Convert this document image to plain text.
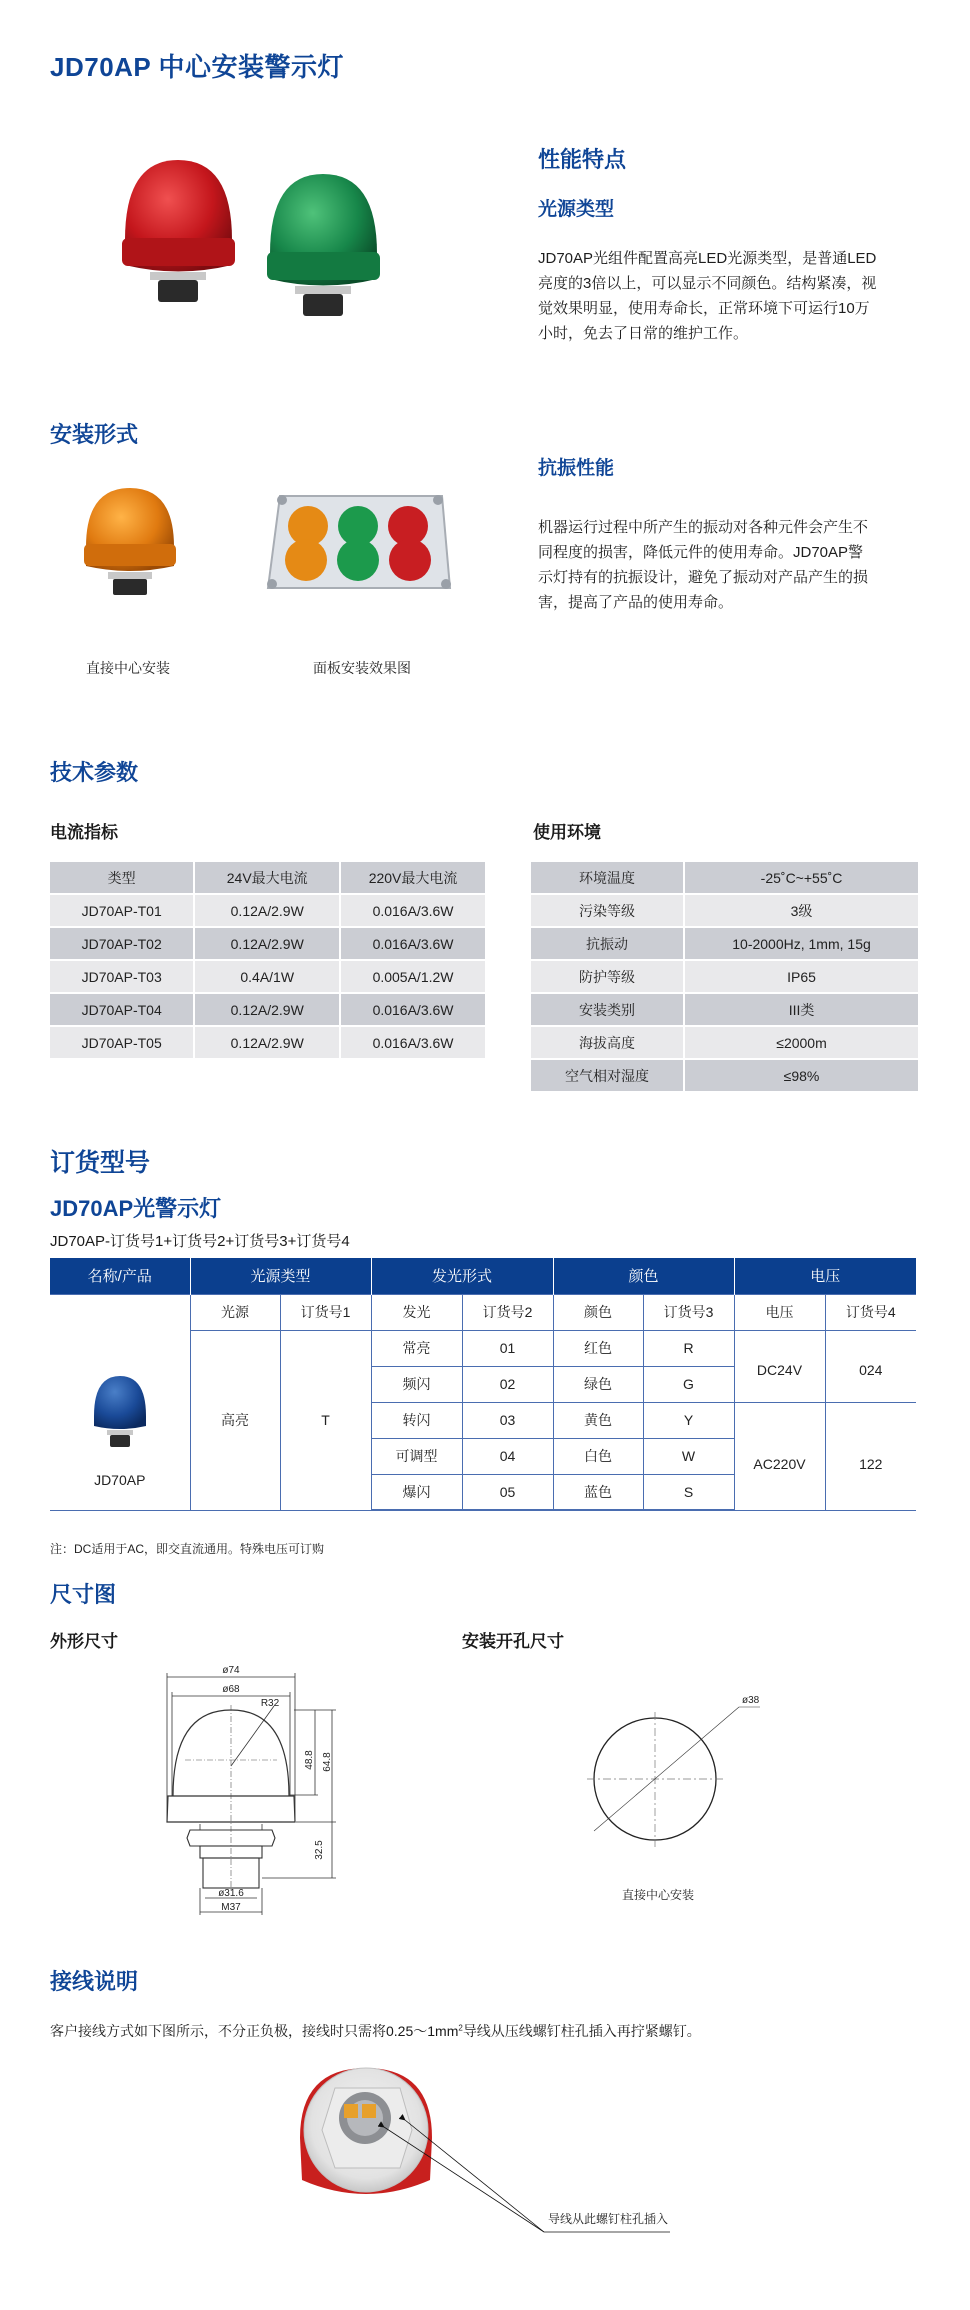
JD70AP 中心安装警示灯
性能特点
光源类型
JD70AP光组件配置高亮LED光源类型，是普通LED
亮度的3倍以上，可以显示不同颜色。结构紧凑，视
觉效果明显，使用寿命长，正常环境下可运行10万
小时，免去了日常的维护工作。
抗振性能
机器运行过程中所产生的振动对各种元件会产生不
同程度的损害，降低元件的使用寿命。JD70AP警
示灯持有的抗振设计，避免了振动对产品产生的损
害，提高了产品的使用寿命。
安装形式
直接中心安装	面板安装效果图
技术参数
电流指标	使用环境
类型	24V最大电流	220V最大电流
JD70AP-T01	0.12A/2.9W	0.016A/3.6W
JD70AP-T02	0.12A/2.9W	0.016A/3.6W
JD70AP-T03	0.4A/1W	0.005A/1.2W
JD70AP-T04	0.12A/2.9W	0.016A/3.6W
JD70AP-T05	0.12A/2.9W	0.016A/3.6W
环境温度	-25˚C~+55˚C
污染等级	3级
抗振动	10-2000Hz, 1mm, 15g
防护等级	IP65
安装类别	III类
海拔高度	≤2000m
空气相对湿度	≤98%
订货型号
JD70AP光警示灯
JD70AP-订货号1+订货号2+订货号3+订货号4
名称/产品	光源类型		发光形式		颜色		电压	

JD70AP	光源	订货号1	发光	订货号2	颜色	订货号3	电压	订货号4
	高亮	T	常亮	01	红色	R	DC24V	024
			频闪	02	绿色	G		
			转闪	03	黄色	Y	AC220V	122
			可调型	04	白色	W		
			爆闪	05	蓝色	S		
注：DC适用于AC，即交直流通用。特殊电压可订购
尺寸图
外形尺寸	安装开孔尺寸
ø74
ø68
R32
48.8 64.8
32.5
ø31.6
M37
ø38
直接中心安装
接线说明
客户接线方式如下图所示，不分正负极，接线时只需将$0.25\sim 1mm^2$导线从压线螺钉柱孔插入再拧紧螺钉。
导线从此螺钉柱孔插入
